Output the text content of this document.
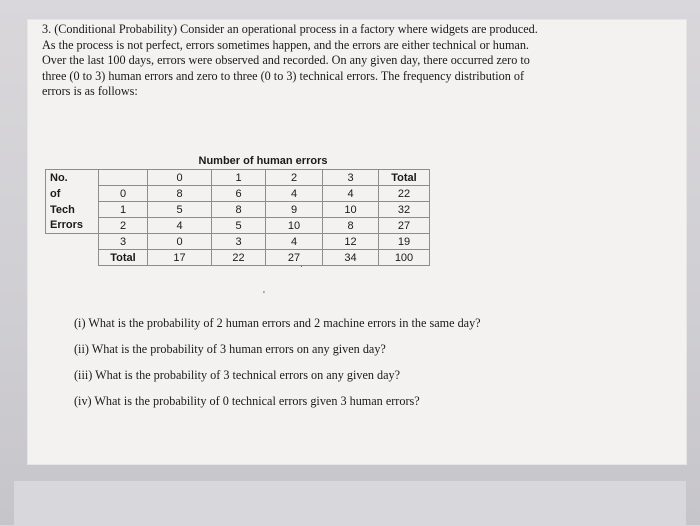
3. (Conditional Probability) Consider an operational process in a factory where widgets are produced.
As the process is not perfect, errors sometimes happen, and the errors are either technical or human.
Over the last 100 days, errors were observed and recorded. On any given day, there occurred zero to
three (0 to 3) human errors and zero to three (0 to 3) technical errors. The frequency distribution of
errors is as follows:
		Number of human errors				
No.		0	1	2	3	Total
of	0	8	6	4	4	22
Tech	1	5	8	9	10	32
Errors	2	4	5	10	8	27
	3	0	3	4	12	19
	Total	17	22	27	34	100
.
'
(i) What is the probability of 2 human errors and 2 machine errors in the same day?
(ii) What is the probability of 3 human errors on any given day?
(iii) What is the probability of 3 technical errors on any given day?
(iv) What is the probability of 0 technical errors given 3 human errors?
